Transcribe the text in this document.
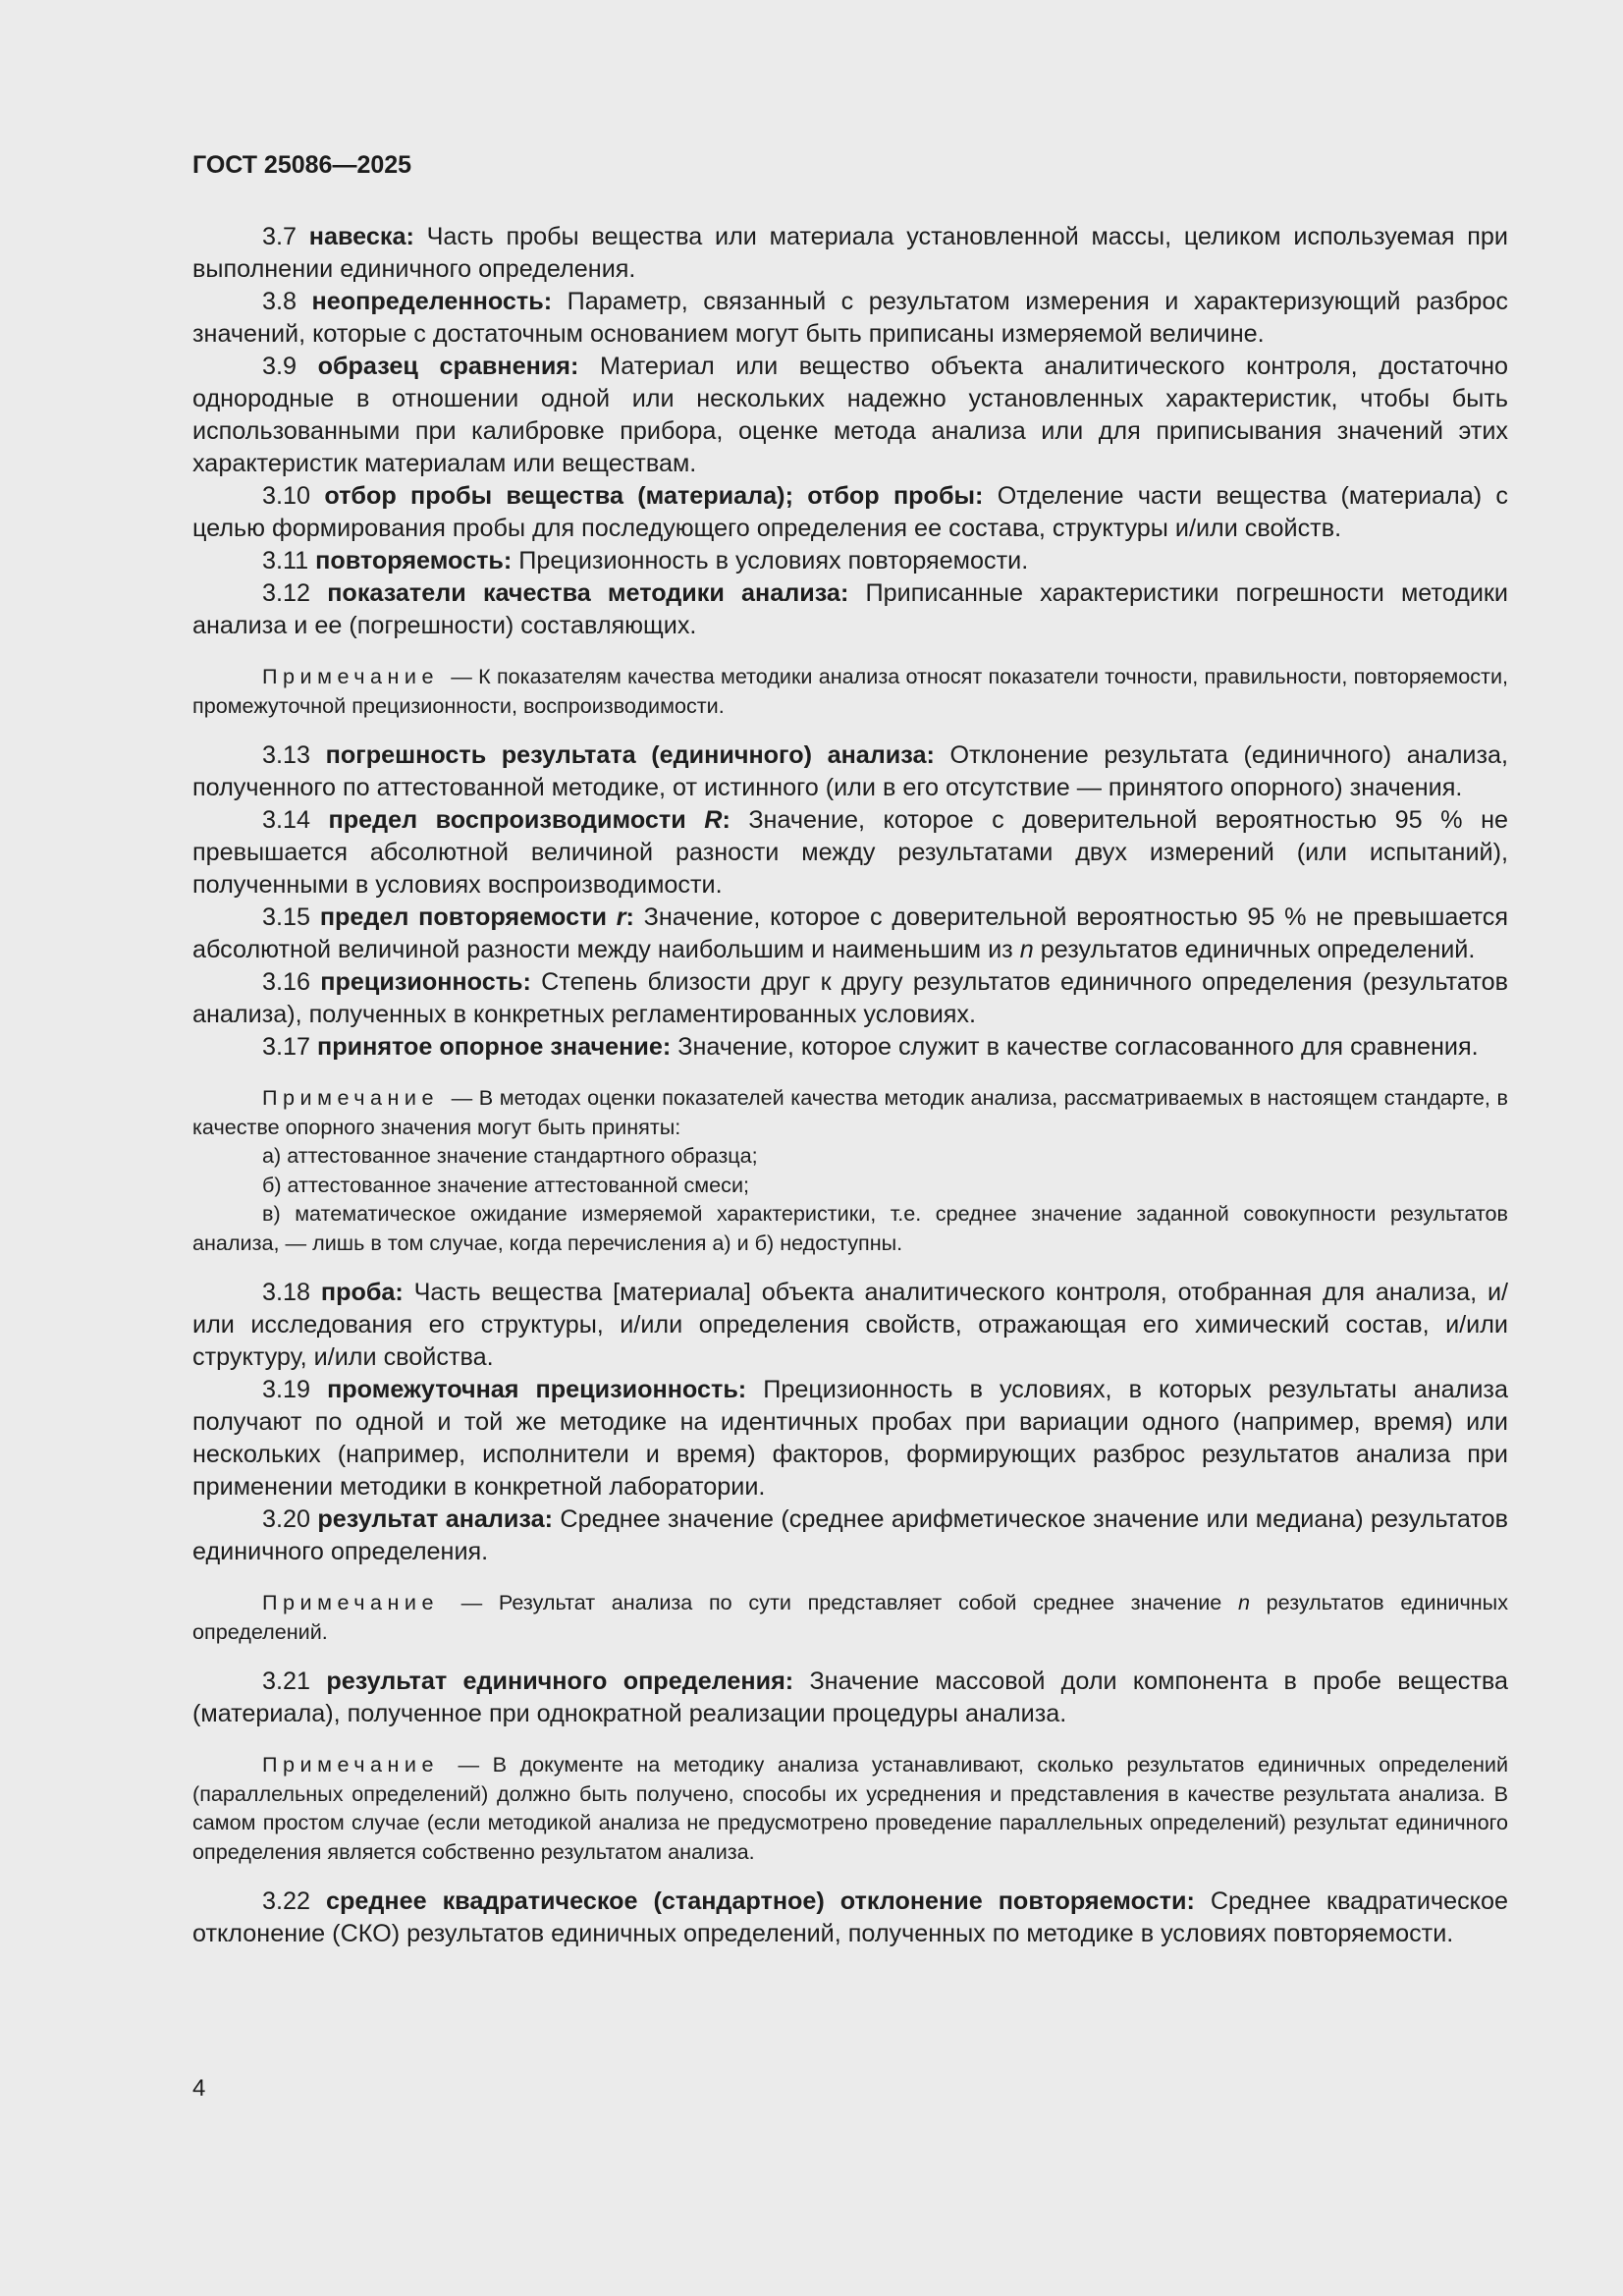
ГОСТ 25086—2025

3.7 навеска: Часть пробы вещества или материала установленной массы, целиком используемая при выполнении единичного определения.

3.8 неопределенность: Параметр, связанный с результатом измерения и характеризующий разброс значений, которые с достаточным основанием могут быть приписаны измеряемой величине.

3.9 образец сравнения: Материал или вещество объекта аналитического контроля, достаточно однородные в отношении одной или нескольких надежно установленных характеристик, чтобы быть использованными при калибровке прибора, оценке метода анализа или для приписывания значений этих характеристик материалам или веществам.

3.10 отбор пробы вещества (материала); отбор пробы: Отделение части вещества (материала) с целью формирования пробы для последующего определения ее состава, структуры и/или свойств.

3.11 повторяемость: Прецизионность в условиях повторяемости.

3.12 показатели качества методики анализа: Приписанные характеристики погрешности методики анализа и ее (погрешности) составляющих.

Примечание — К показателям качества методики анализа относят показатели точности, правильности, повторяемости, промежуточной прецизионности, воспроизводимости.

3.13 погрешность результата (единичного) анализа: Отклонение результата (единичного) анализа, полученного по аттестованной методике, от истинного (или в его отсутствие — принятого опорного) значения.

3.14 предел воспроизводимости R: Значение, которое с доверительной вероятностью 95 % не превышается абсолютной величиной разности между результатами двух измерений (или испытаний), полученными в условиях воспроизводимости.

3.15 предел повторяемости r: Значение, которое с доверительной вероятностью 95 % не превышается абсолютной величиной разности между наибольшим и наименьшим из n результатов единичных определений.

3.16 прецизионность: Степень близости друг к другу результатов единичного определения (результатов анализа), полученных в конкретных регламентированных условиях.

3.17 принятое опорное значение: Значение, которое служит в качестве согласованного для сравнения.

Примечание — В методах оценки показателей качества методик анализа, рассматриваемых в настоящем стандарте, в качестве опорного значения могут быть приняты:

а) аттестованное значение стандартного образца;

б) аттестованное значение аттестованной смеси;

в) математическое ожидание измеряемой характеристики, т.е. среднее значение заданной совокупности результатов анализа, — лишь в том случае, когда перечисления а) и б) недоступны.

3.18 проба: Часть вещества [материала] объекта аналитического контроля, отобранная для анализа, и/или исследования его структуры, и/или определения свойств, отражающая его химический состав, и/или структуру, и/или свойства.

3.19 промежуточная прецизионность: Прецизионность в условиях, в которых результаты анализа получают по одной и той же методике на идентичных пробах при вариации одного (например, время) или нескольких (например, исполнители и время) факторов, формирующих разброс результатов анализа при применении методики в конкретной лаборатории.

3.20 результат анализа: Среднее значение (среднее арифметическое значение или медиана) результатов единичного определения.

Примечание — Результат анализа по сути представляет собой среднее значение n результатов единичных определений.

3.21 результат единичного определения: Значение массовой доли компонента в пробе вещества (материала), полученное при однократной реализации процедуры анализа.

Примечание — В документе на методику анализа устанавливают, сколько результатов единичных определений (параллельных определений) должно быть получено, способы их усреднения и представления в качестве результата анализа. В самом простом случае (если методикой анализа не предусмотрено проведение параллельных определений) результат единичного определения является собственно результатом анализа.

3.22 среднее квадратическое (стандартное) отклонение повторяемости: Среднее квадратическое отклонение (СКО) результатов единичных определений, полученных по методике в условиях повторяемости.

4
